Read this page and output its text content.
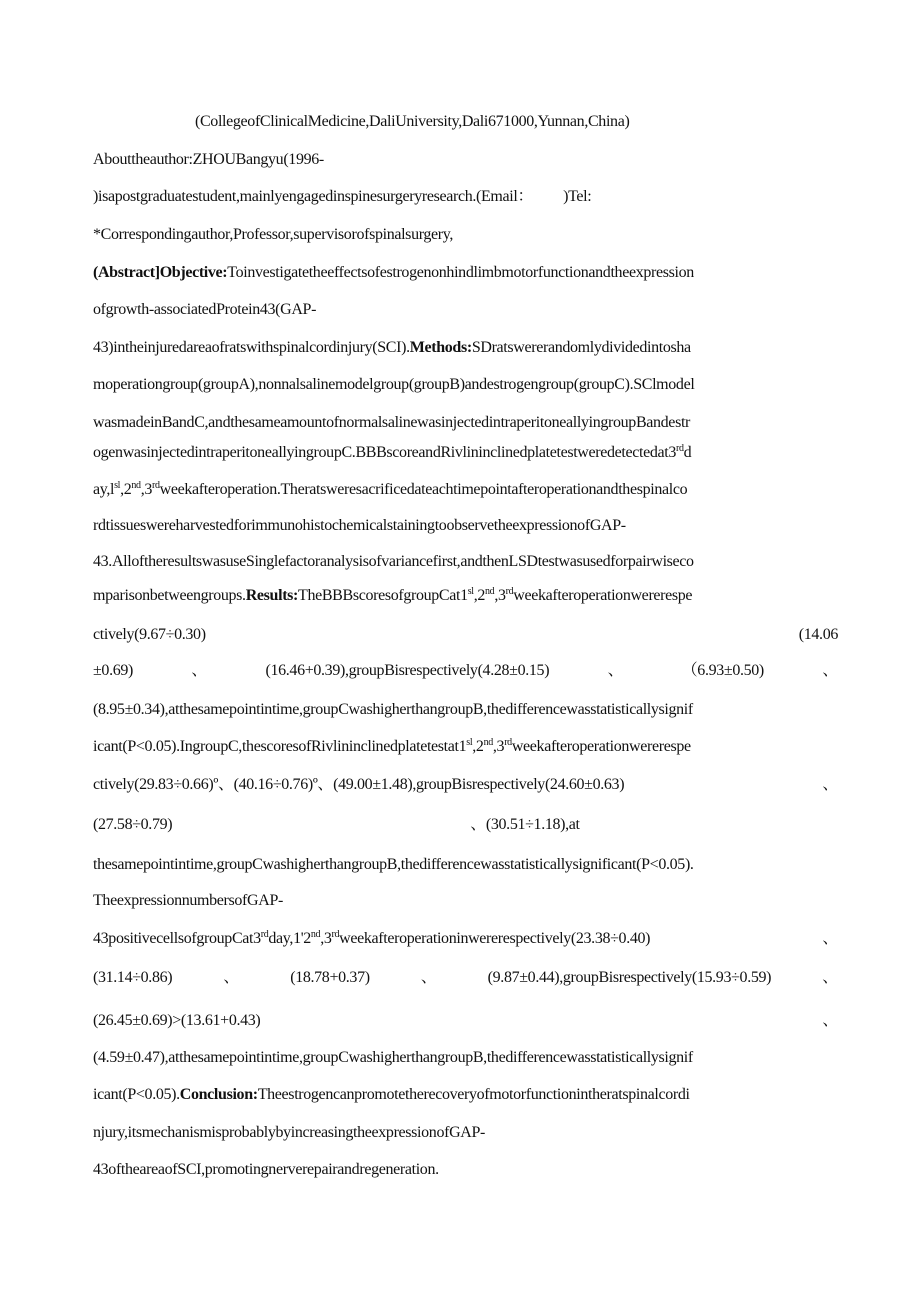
(CollegeofClinicalMedicine,DaliUniversity,Dali671000,Yunnan,China)
Abouttheauthor:ZHOUBangyu(1996-
)isapostgraduatestudent,mainlyengagedinspinesurgeryresearch.(Email： )Tel:
*Correspondingauthor,Professor,supervisorofspinalsurgery,
(Abstract]Objective:Toinvestigatetheeffectsofestrogenonhindlimbmotorfunctionandtheexpression
ofgrowth-associatedProtein43(GAP-
43)intheinjuredareaofratswithspinalcordinjury(SCI).Methods:SDratswererandomlydividedintosha
moperationgroup(groupA),nonnalsalinemodelgroup(groupB)andestrogengroup(groupC).SClmodel
wasmadeinBandC,andthesameamountofnormalsalinewasinjectedintraperitoneallyingroupBandestr
ogenwasinjectedintraperitoneallyingroupC.BBBscoreandRivlininclinedplatetestweredetectedat3rdd
$ay,l^{sl},2nd,3rdweekafteroperation.Theratsweresacrificedateachtimepointafteroperationandthespinalco$
rdtissueswereharvestedforimmunohistochemicalstainingtoobservetheexpressionofGAP-
43.AlloftheresultswasuseSinglefactoranalysisofvariancefirst,andthenLSDtestwasusedforpairwiseco
$mparisonbetweengroups.Results:TheBBBscoresofgroupCat1^{sl},2nd,3rdweekafteroperationwererespe$
ctively(9.67÷0.30)	(14.06
±0.69)	、	(16.46+0.39),groupBisrespectively(4.28±0.15)	、	（6.93±0.50)	、
(8.95±0.34),atthesamepointintime,groupCwashigherthangroupB,thedifferencewasstatisticallysignif
$icant(P<0.05).IngroupC,thescoresofRivlininclinedplatetestat1^{sl},2nd,3rdweekafteroperationwererespe$
ctively(29.83÷0.66)º、(40.16÷0.76)º、(49.00±1.48),groupBisrespectively(24.60±0.63)	、
(27.58÷0.79)	、(30.51÷1.18),at
thesamepointintime,groupCwashigherthangroupB,thedifferencewasstatisticallysignificant(P<0.05).
TheexpressionnumbersofGAP-
43positivecellsofgroupCat3rdday,1'2nd,3rdweekafteroperationinwererespectively(23.38÷0.40)	、
(31.14÷0.86)	、	(18.78+0.37)	、	(9.87±0.44),groupBisrespectively(15.93÷0.59)	、
(26.45±0.69)>(13.61+0.43)	、
(4.59±0.47),atthesamepointintime,groupCwashigherthangroupB,thedifferencewasstatisticallysignif
icant(P<0.05).Conclusion:Theestrogencanpromotetherecoveryofmotorfunctionintheratspinalcordi
njury,itsmechanismisprobablybyincreasingtheexpressionofGAP-
43oftheareaofSCI,promotingnerverepairandregeneration.
